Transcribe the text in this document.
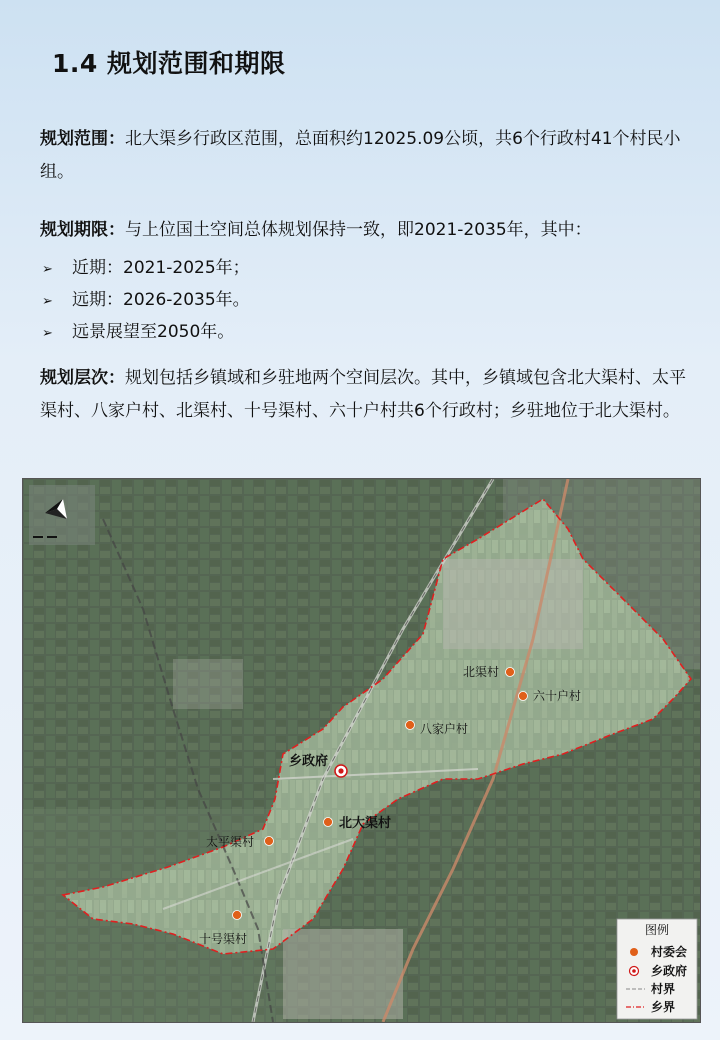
1.4 规划范围和期限
规划范围：北大渠乡行政区范围，总面积约12025.09公顷，共6个行政村41个村民小组。
规划期限：与上位国土空间总体规划保持一致，即2021-2035年，其中：
➢ 近期：2021-2025年；
➢ 远期：2026-2035年。
➢ 远景展望至2050年。
规划层次：规划包括乡镇域和乡驻地两个空间层次。其中，乡镇域包含北大渠村、太平渠村、八家户村、北渠村、十号渠村、六十户村共6个行政村；乡驻地位于北大渠村。
北渠村
六十户村
八家户村
北大渠村
太平渠村
十号渠村
乡政府
图例
村委会
乡政府
村界
乡界
